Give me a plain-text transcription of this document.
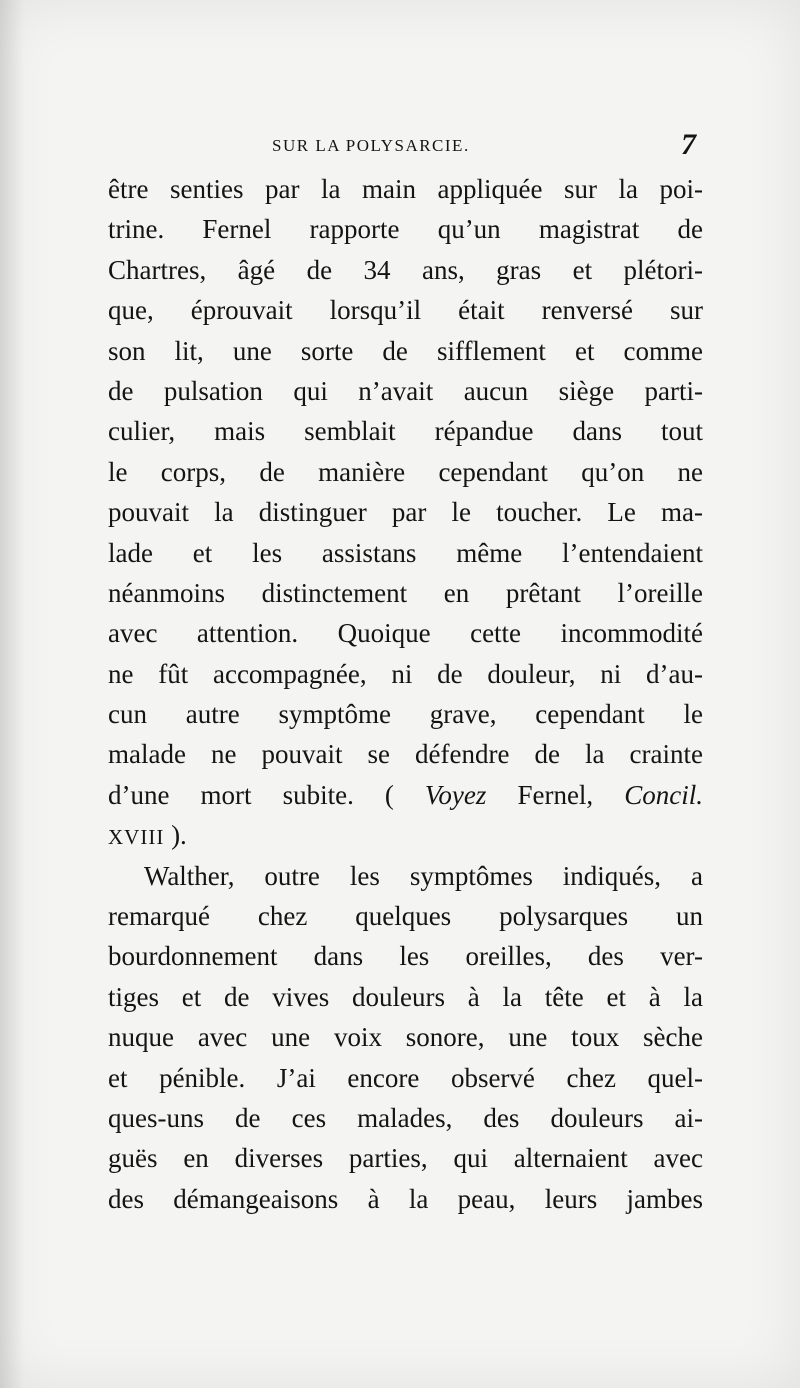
SUR LA POLYSARCIE.	7
être senties par la main appliquée sur la poi-
trine. Fernel rapporte qu’un magistrat de
Chartres, âgé de 34 ans, gras et plétori-
que, éprouvait lorsqu’il était renversé sur
son lit, une sorte de sifflement et comme
de pulsation qui n’avait aucun siège parti-
culier, mais semblait répandue dans tout
le corps, de manière cependant qu’on ne
pouvait la distinguer par le toucher. Le ma-
lade et les assistans même l’entendaient
néanmoins distinctement en prêtant l’oreille
avec attention. Quoique cette incommodité
ne fût accompagnée, ni de douleur, ni d’au-
cun autre symptôme grave, cependant le
malade ne pouvait se défendre de la crainte
d’une mort subite. ( Voyez Fernel, Concil.
XVIII ).
Walther, outre les symptômes indiqués, a
remarqué chez quelques polysarques un
bourdonnement dans les oreilles, des ver-
tiges et de vives douleurs à la tête et à la
nuque avec une voix sonore, une toux sèche
et pénible. J’ai encore observé chez quel-
ques-uns de ces malades, des douleurs ai-
guës en diverses parties, qui alternaient avec
des démangeaisons à la peau, leurs jambes
